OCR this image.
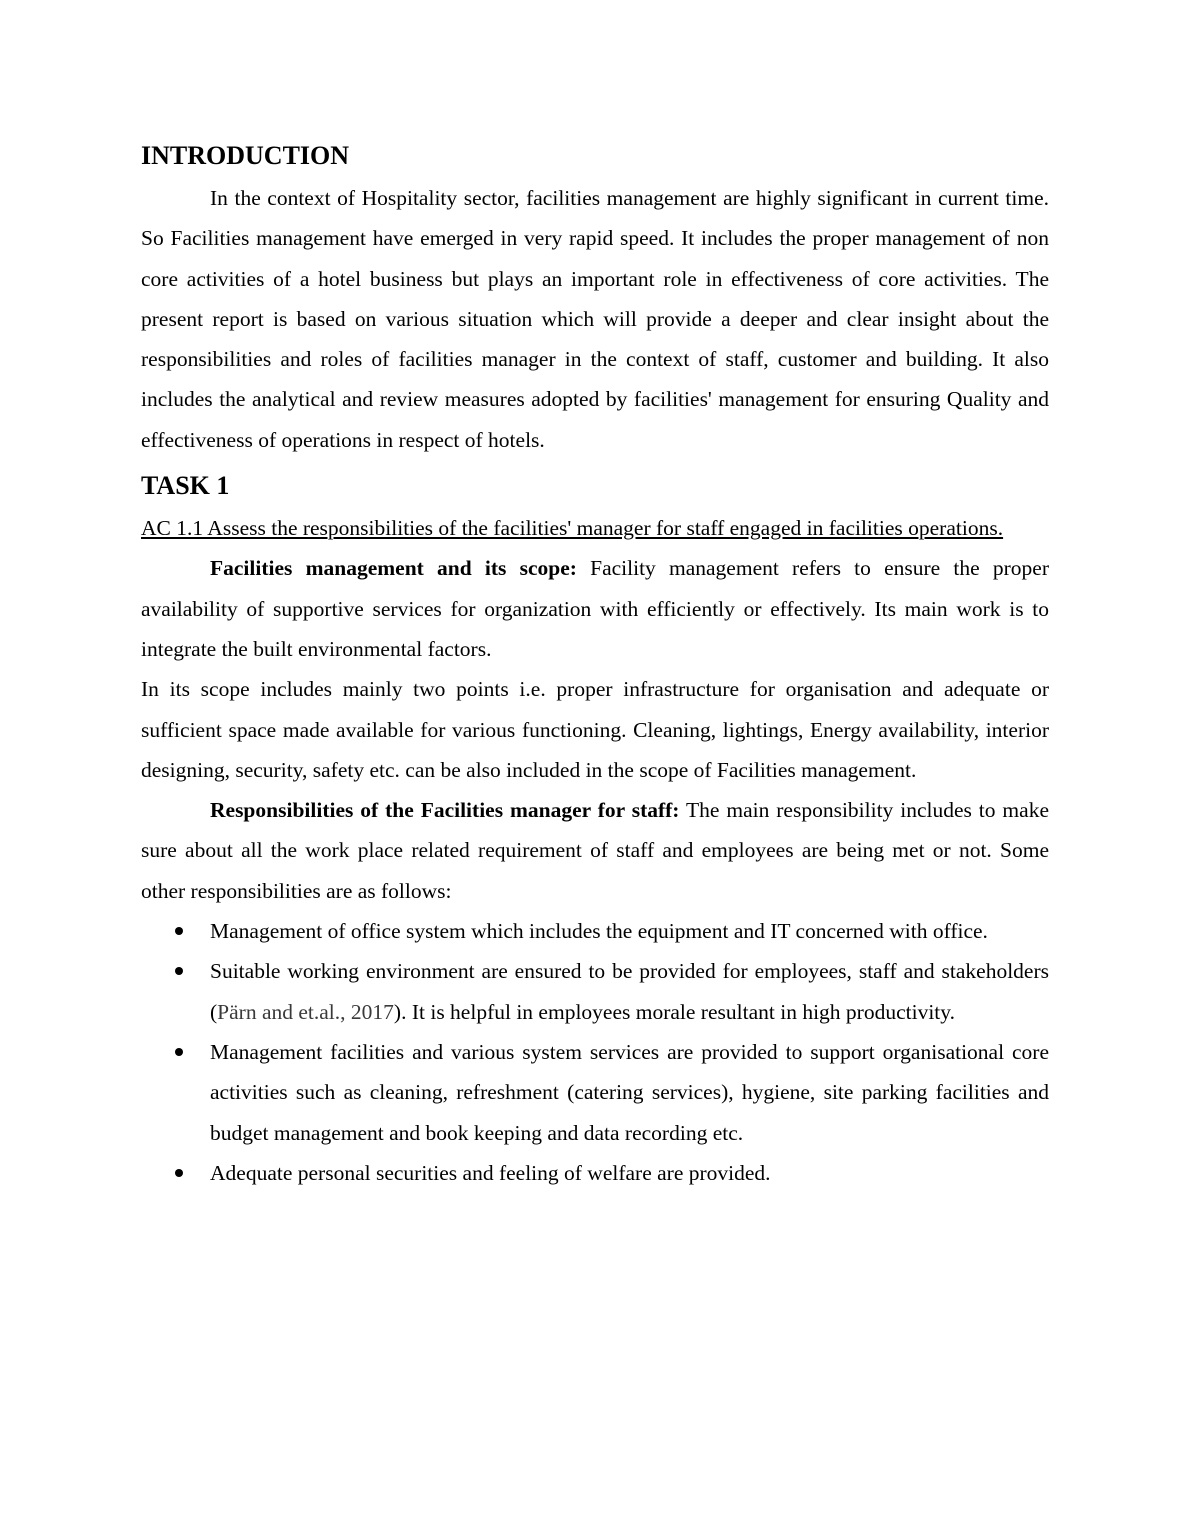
INTRODUCTION

In the context of Hospitality sector, facilities management are highly significant in current time. So Facilities management have emerged in very rapid speed. It includes the proper management of non core activities of a hotel business but plays an important role in effectiveness of core activities. The present report is based on various situation which will provide a deeper and clear insight about the responsibilities and roles of facilities manager in the context of staff, customer and building. It also includes the analytical and review measures adopted by facilities' management for ensuring Quality and effectiveness of operations in respect of hotels.

TASK 1

AC 1.1 Assess the responsibilities of the facilities' manager for staff engaged in facilities operations.

Facilities management and its scope: Facility management refers to ensure the proper availability of supportive services for organization with efficiently or effectively. Its main work is to integrate the built environmental factors.

In its scope includes mainly two points i.e. proper infrastructure for organisation and adequate or sufficient space made available for various functioning. Cleaning, lightings, Energy availability, interior designing, security, safety etc. can be also included in the scope of Facilities management.

Responsibilities of the Facilities manager for staff: The main responsibility includes to make sure about all the work place related requirement of staff and employees are being met or not. Some other responsibilities are as follows:

Management of office system which includes the equipment and IT concerned with office.
Suitable working environment are ensured to be provided for employees, staff and stakeholders (Pärn and et.al., 2017). It is helpful in employees morale resultant in high productivity.
Management facilities and various system services are provided to support organisational core activities such as cleaning, refreshment (catering services), hygiene, site parking facilities and budget management and book keeping and data recording etc.
Adequate personal securities and feeling of welfare are provided.
